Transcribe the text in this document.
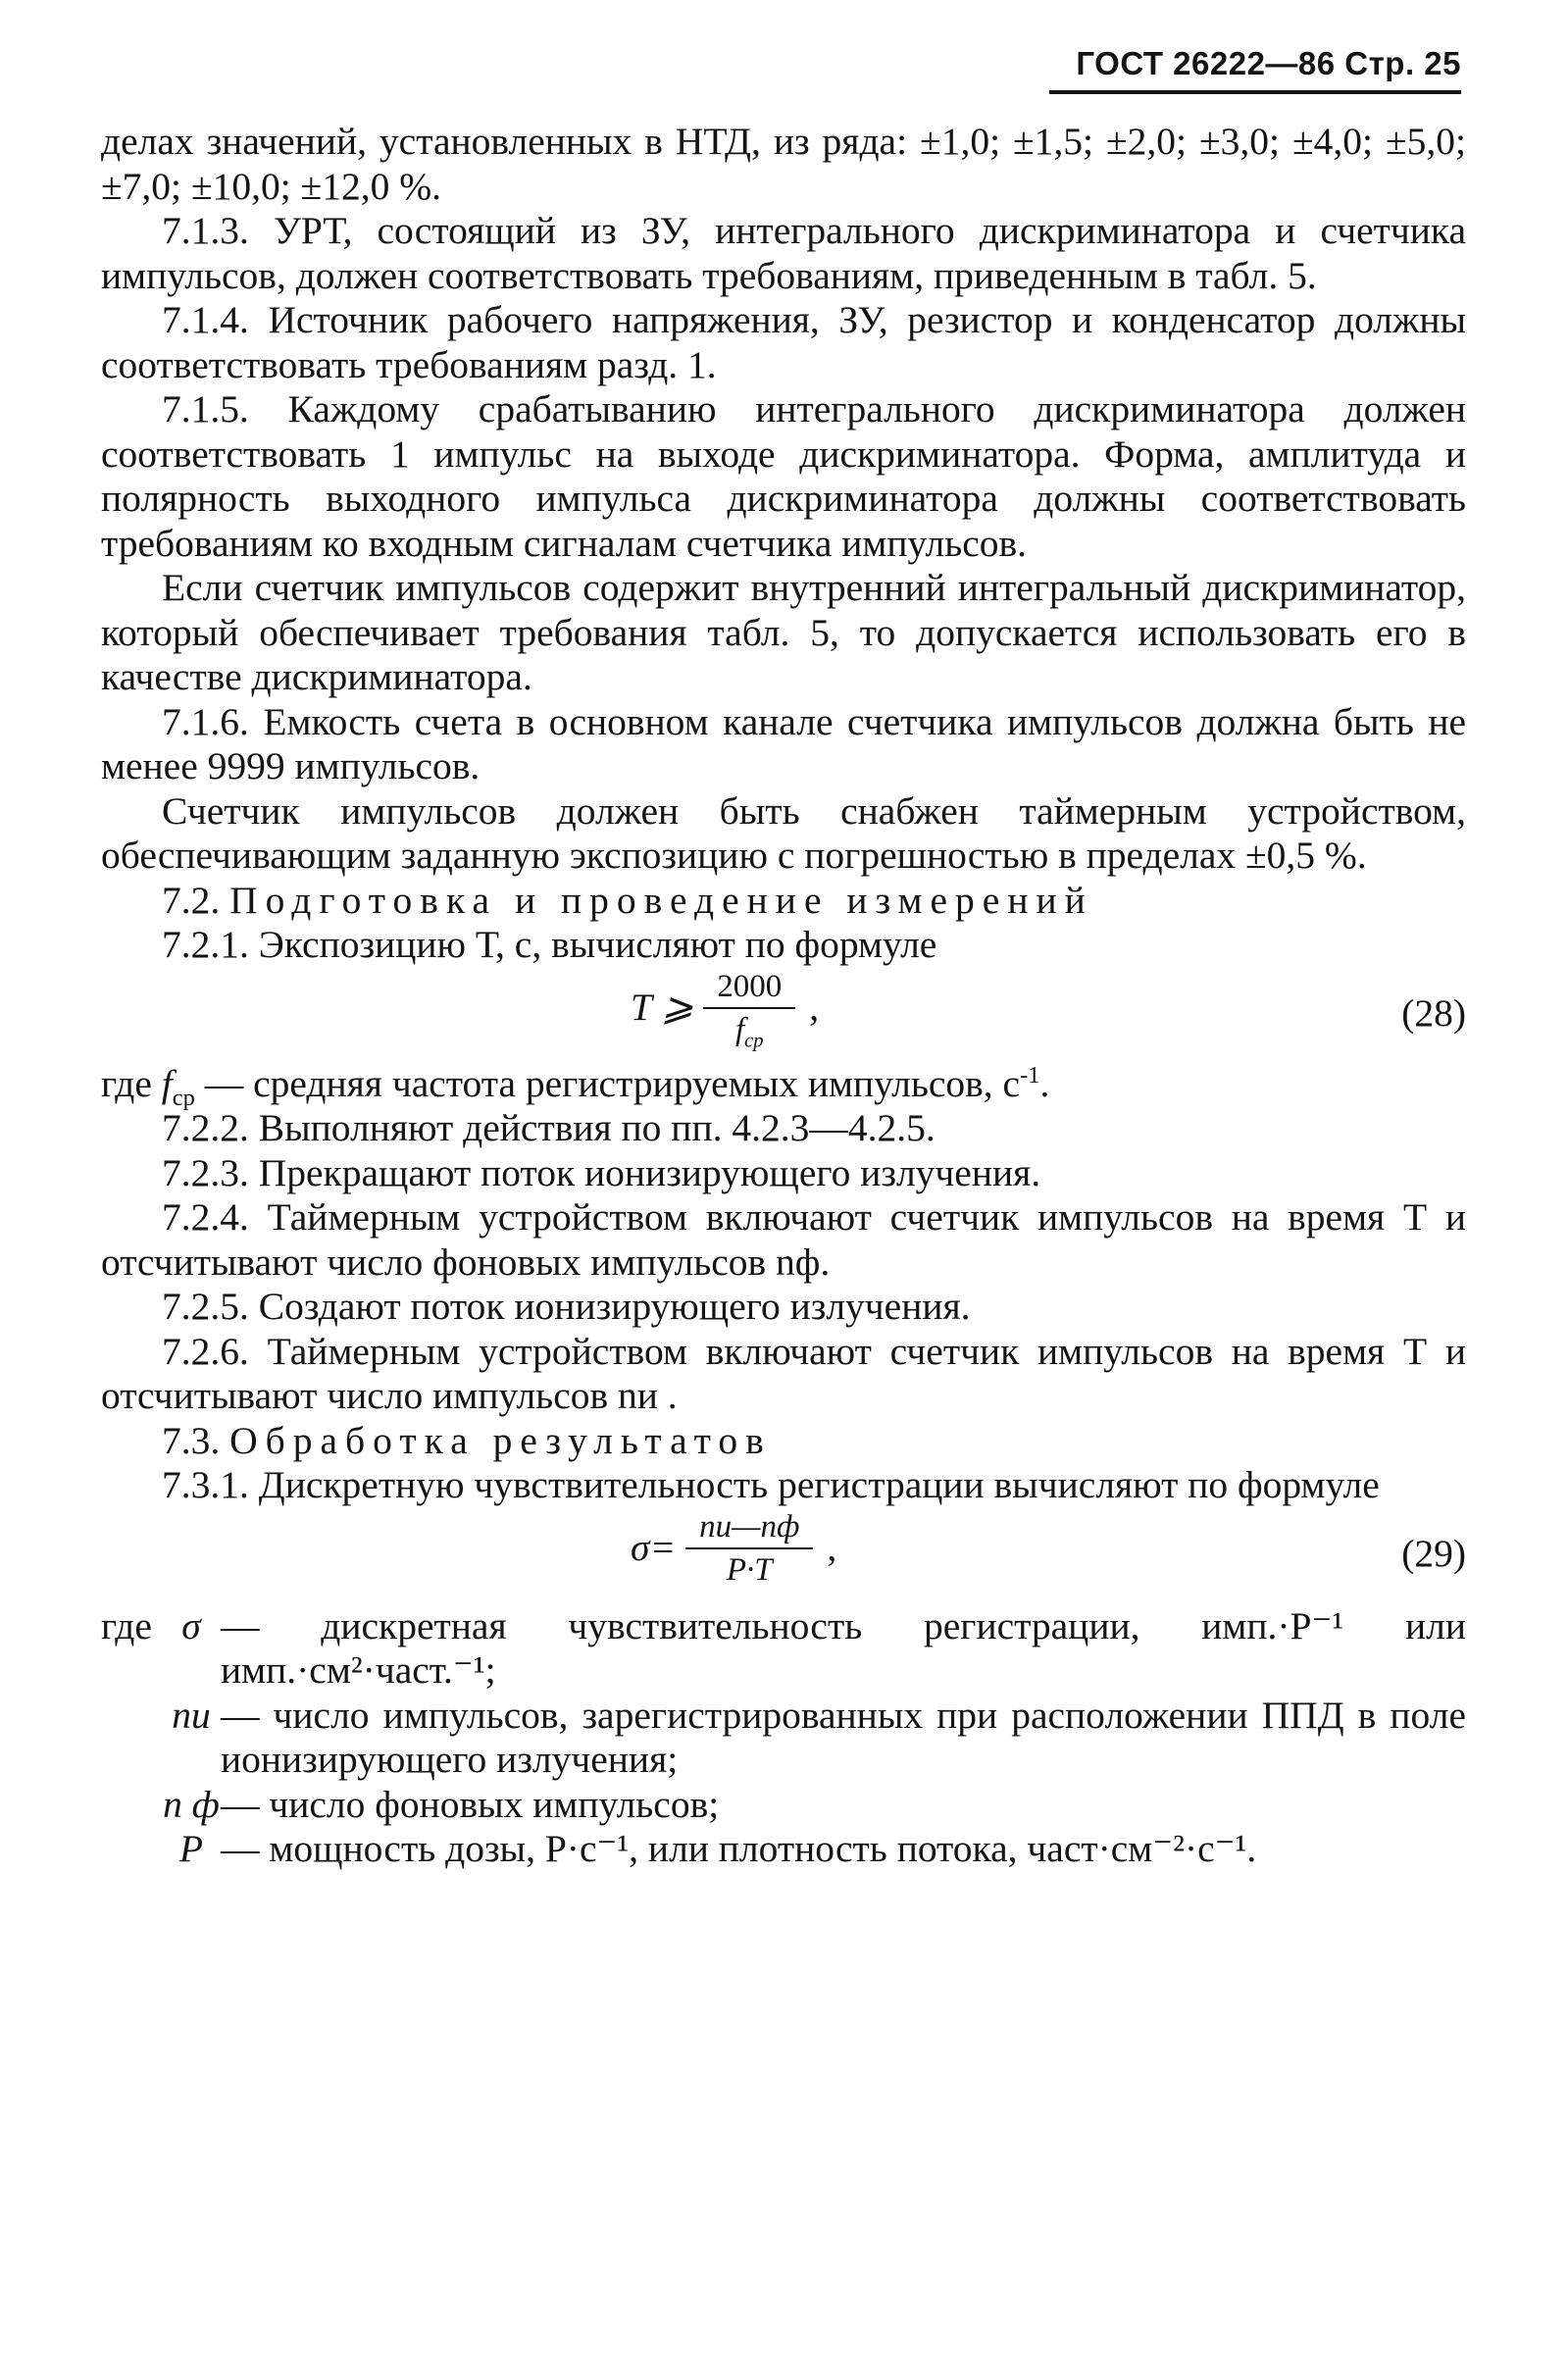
ГОСТ 26222—86 Стр. 25

делах значений, установленных в НТД, из ряда: ±1,0; ±1,5; ±2,0; ±3,0; ±4,0; ±5,0; ±7,0; ±10,0; ±12,0 %.

7.1.3. УРТ, состоящий из ЗУ, интегрального дискриминатора и счетчика импульсов, должен соответствовать требованиям, приведенным в табл. 5.

7.1.4. Источник рабочего напряжения, ЗУ, резистор и конденсатор должны соответствовать требованиям разд. 1.

7.1.5. Каждому срабатыванию интегрального дискриминатора должен соответствовать 1 импульс на выходе дискриминатора. Форма, амплитуда и полярность выходного импульса дискриминатора должны соответствовать требованиям ко входным сигналам счетчика импульсов.

Если счетчик импульсов содержит внутренний интегральный дискриминатор, который обеспечивает требования табл. 5, то допускается использовать его в качестве дискриминатора.

7.1.6. Емкость счета в основном канале счетчика импульсов должна быть не менее 9999 импульсов.

Счетчик импульсов должен быть снабжен таймерным устройством, обеспечивающим заданную экспозицию с погрешностью в пределах ±0,5 %.

7.2. Подготовка и проведение измерений

7.2.1. Экспозицию Т, с, вычисляют по формуле

T ⩾ $\frac{2000}{f_{ср}}$ ,	(28)

где $f_{ср}$ — средняя частота регистрируемых импульсов, $с^{-1}$.

7.2.2. Выполняют действия по пп. 4.2.3—4.2.5.

7.2.3. Прекращают поток ионизирующего излучения.

7.2.4. Таймерным устройством включают счетчик импульсов на время Т и отсчитывают число фоновых импульсов nф.

7.2.5. Создают поток ионизирующего излучения.

7.2.6. Таймерным устройством включают счетчик импульсов на время Т и отсчитывают число импульсов nи .

7.3. Обработка результатов

7.3.1. Дискретную чувствительность регистрации вычисляют по формуле

$\sigma= \frac{nи—nф}{P\cdot T}$ ,	(29)
где σ — дискретная чувствительность регистрации, имп.·Р⁻¹ или имп.·см²·част.⁻¹;
nи — число импульсов, зарегистрированных при расположении ППД в поле ионизирующего излучения;
n ф — число фоновых импульсов;
P — мощность дозы, Р·с⁻¹, или плотность потока, част·см⁻²·с⁻¹.
